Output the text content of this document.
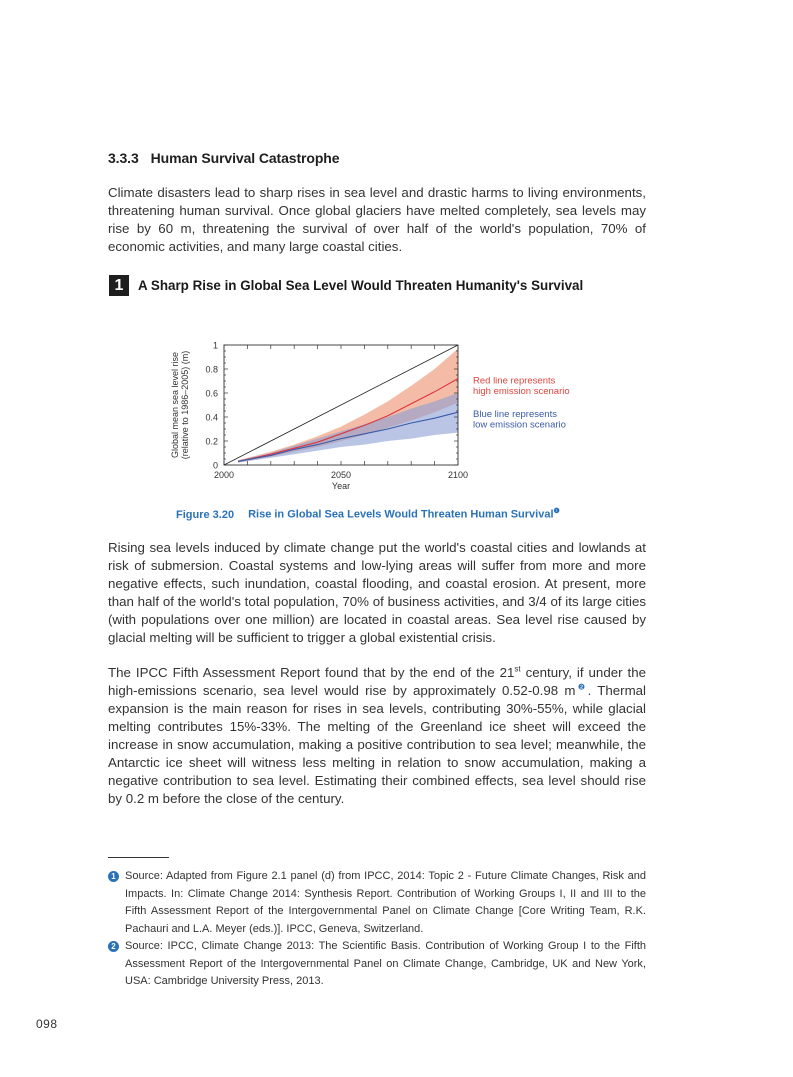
3.3.3 Human Survival Catastrophe

Climate disasters lead to sharp rises in sea level and drastic harms to living environments, threatening human survival. Once global glaciers have melted completely, sea levels may rise by 60 m, threatening the survival of over half of the world's population, 70% of economic activities, and many large coastal cities.

1	A Sharp Rise in Global Sea Level Would Threaten Humanity's Survival
0
0.2
0.4
0.6
0.8
1
2000	2050	2100
Year
Global mean sea level rise (relative to 1986–2005) (m)	Red line represents
high emission scenario
Blue line represents
low emission scenario
Figure 3.20 Rise in Global Sea Levels Would Threaten Human Survival$^❶$

Rising sea levels induced by climate change put the world's coastal cities and lowlands at risk of submersion. Coastal systems and low-lying areas will suffer from more and more negative effects, such inundation, coastal flooding, and coastal erosion. At present, more than half of the world's total population, 70% of business activities, and 3/4 of its large cities (with populations over one million) are located in coastal areas. Sea level rise caused by glacial melting will be sufficient to trigger a global existential crisis.

The IPCC Fifth Assessment Report found that by the end of the 21st century, if under the high-emissions scenario, sea level would rise by approximately 0.52-0.98 m$^❷$. Thermal expansion is the main reason for rises in sea levels, contributing 30%-55%, while glacial melting contributes 15%-33%. The melting of the Greenland ice sheet will exceed the increase in snow accumulation, making a positive contribution to sea level; meanwhile, the Antarctic ice sheet will witness less melting in relation to snow accumulation, making a negative contribution to sea level. Estimating their combined effects, sea level should rise by 0.2 m before the close of the century.

1 Source: Adapted from Figure 2.1 panel (d) from IPCC, 2014: Topic 2 - Future Climate Changes, Risk and Impacts. In: Climate Change 2014: Synthesis Report. Contribution of Working Groups I, II and III to the Fifth Assessment Report of the Intergovernmental Panel on Climate Change [Core Writing Team, R.K. Pachauri and L.A. Meyer (eds.)]. IPCC, Geneva, Switzerland.
2 Source: IPCC, Climate Change 2013: The Scientific Basis. Contribution of Working Group I to the Fifth Assessment Report of the Intergovernmental Panel on Climate Change, Cambridge, UK and New York, USA: Cambridge University Press, 2013.
098
